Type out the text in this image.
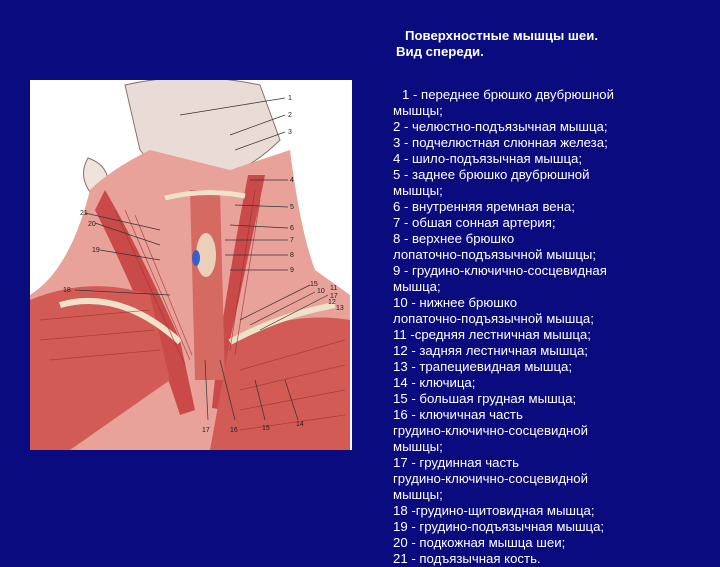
1
2
3
4
5
6
7
8
9
15
10 11
17
13
12
21
20
19
18
17	16	15
14
Поверхностные мышцы шеи.
Вид спереди.
1 - переднее брюшко двубрюшной
мышцы;
2 - челюстно-подъязычная мышца;
3 - подчелюстная слюнная железа;
4 - шило-подъязычная мышца;
5 - заднее брюшко двубрюшной
мышцы;
6 - внутренняя яремная вена;
7 - обшая сонная артерия;
8 - верхнее брюшко
лопаточно-подъязычной мышцы;
9 - грудино-ключично-сосцевидная
мышца;
10 - нижнее брюшко
лопаточно-подъязычной мышца;
11 -средняя лестничная мышца;
12 - задняя лестничная мышца;
13 - трапециевидная мышца;
14 - ключица;
15 - большая грудная мышца;
16 - ключичная часть
грудино-ключично-сосцевидной
мышцы;
17 - грудинная часть
грудино-ключично-сосцевидной
мышцы;
18 -грудино-щитовидная мышца;
19 - грудино-подъязычная мышца;
20 - подкожная мышца шеи;
21 - подъязычная кость.
